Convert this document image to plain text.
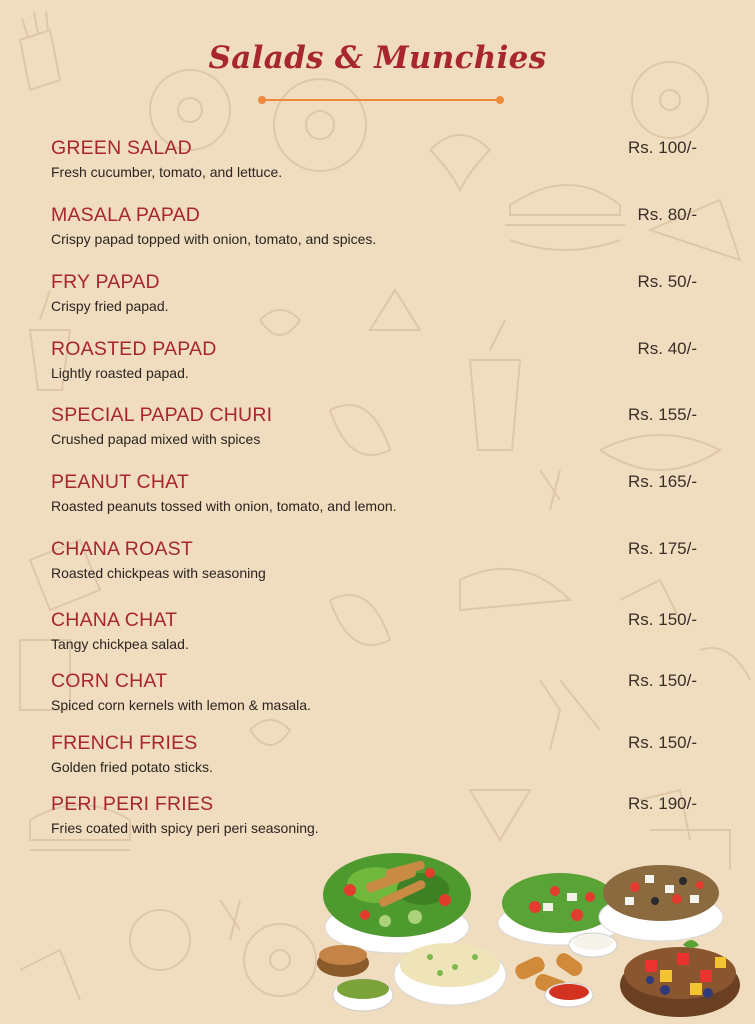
Salads & Munchies
GREEN SALAD	Rs. 100/-
Fresh cucumber, tomato, and lettuce.
MASALA PAPAD	Rs. 80/-
Crispy papad topped with onion, tomato, and spices.
FRY PAPAD	Rs. 50/-
Crispy fried papad.
ROASTED PAPAD	Rs. 40/-
Lightly roasted papad.
SPECIAL PAPAD CHURI	Rs. 155/-
Crushed papad mixed with spices
PEANUT CHAT	Rs. 165/-
Roasted peanuts tossed with onion, tomato, and lemon.
CHANA ROAST	Rs. 175/-
Roasted chickpeas with seasoning
CHANA CHAT	Rs. 150/-
Tangy chickpea salad.
CORN CHAT	Rs. 150/-
Spiced corn kernels with lemon & masala.
FRENCH FRIES	Rs. 150/-
Golden fried potato sticks.
PERI PERI FRIES	Rs. 190/-
Fries coated with spicy peri peri seasoning.
